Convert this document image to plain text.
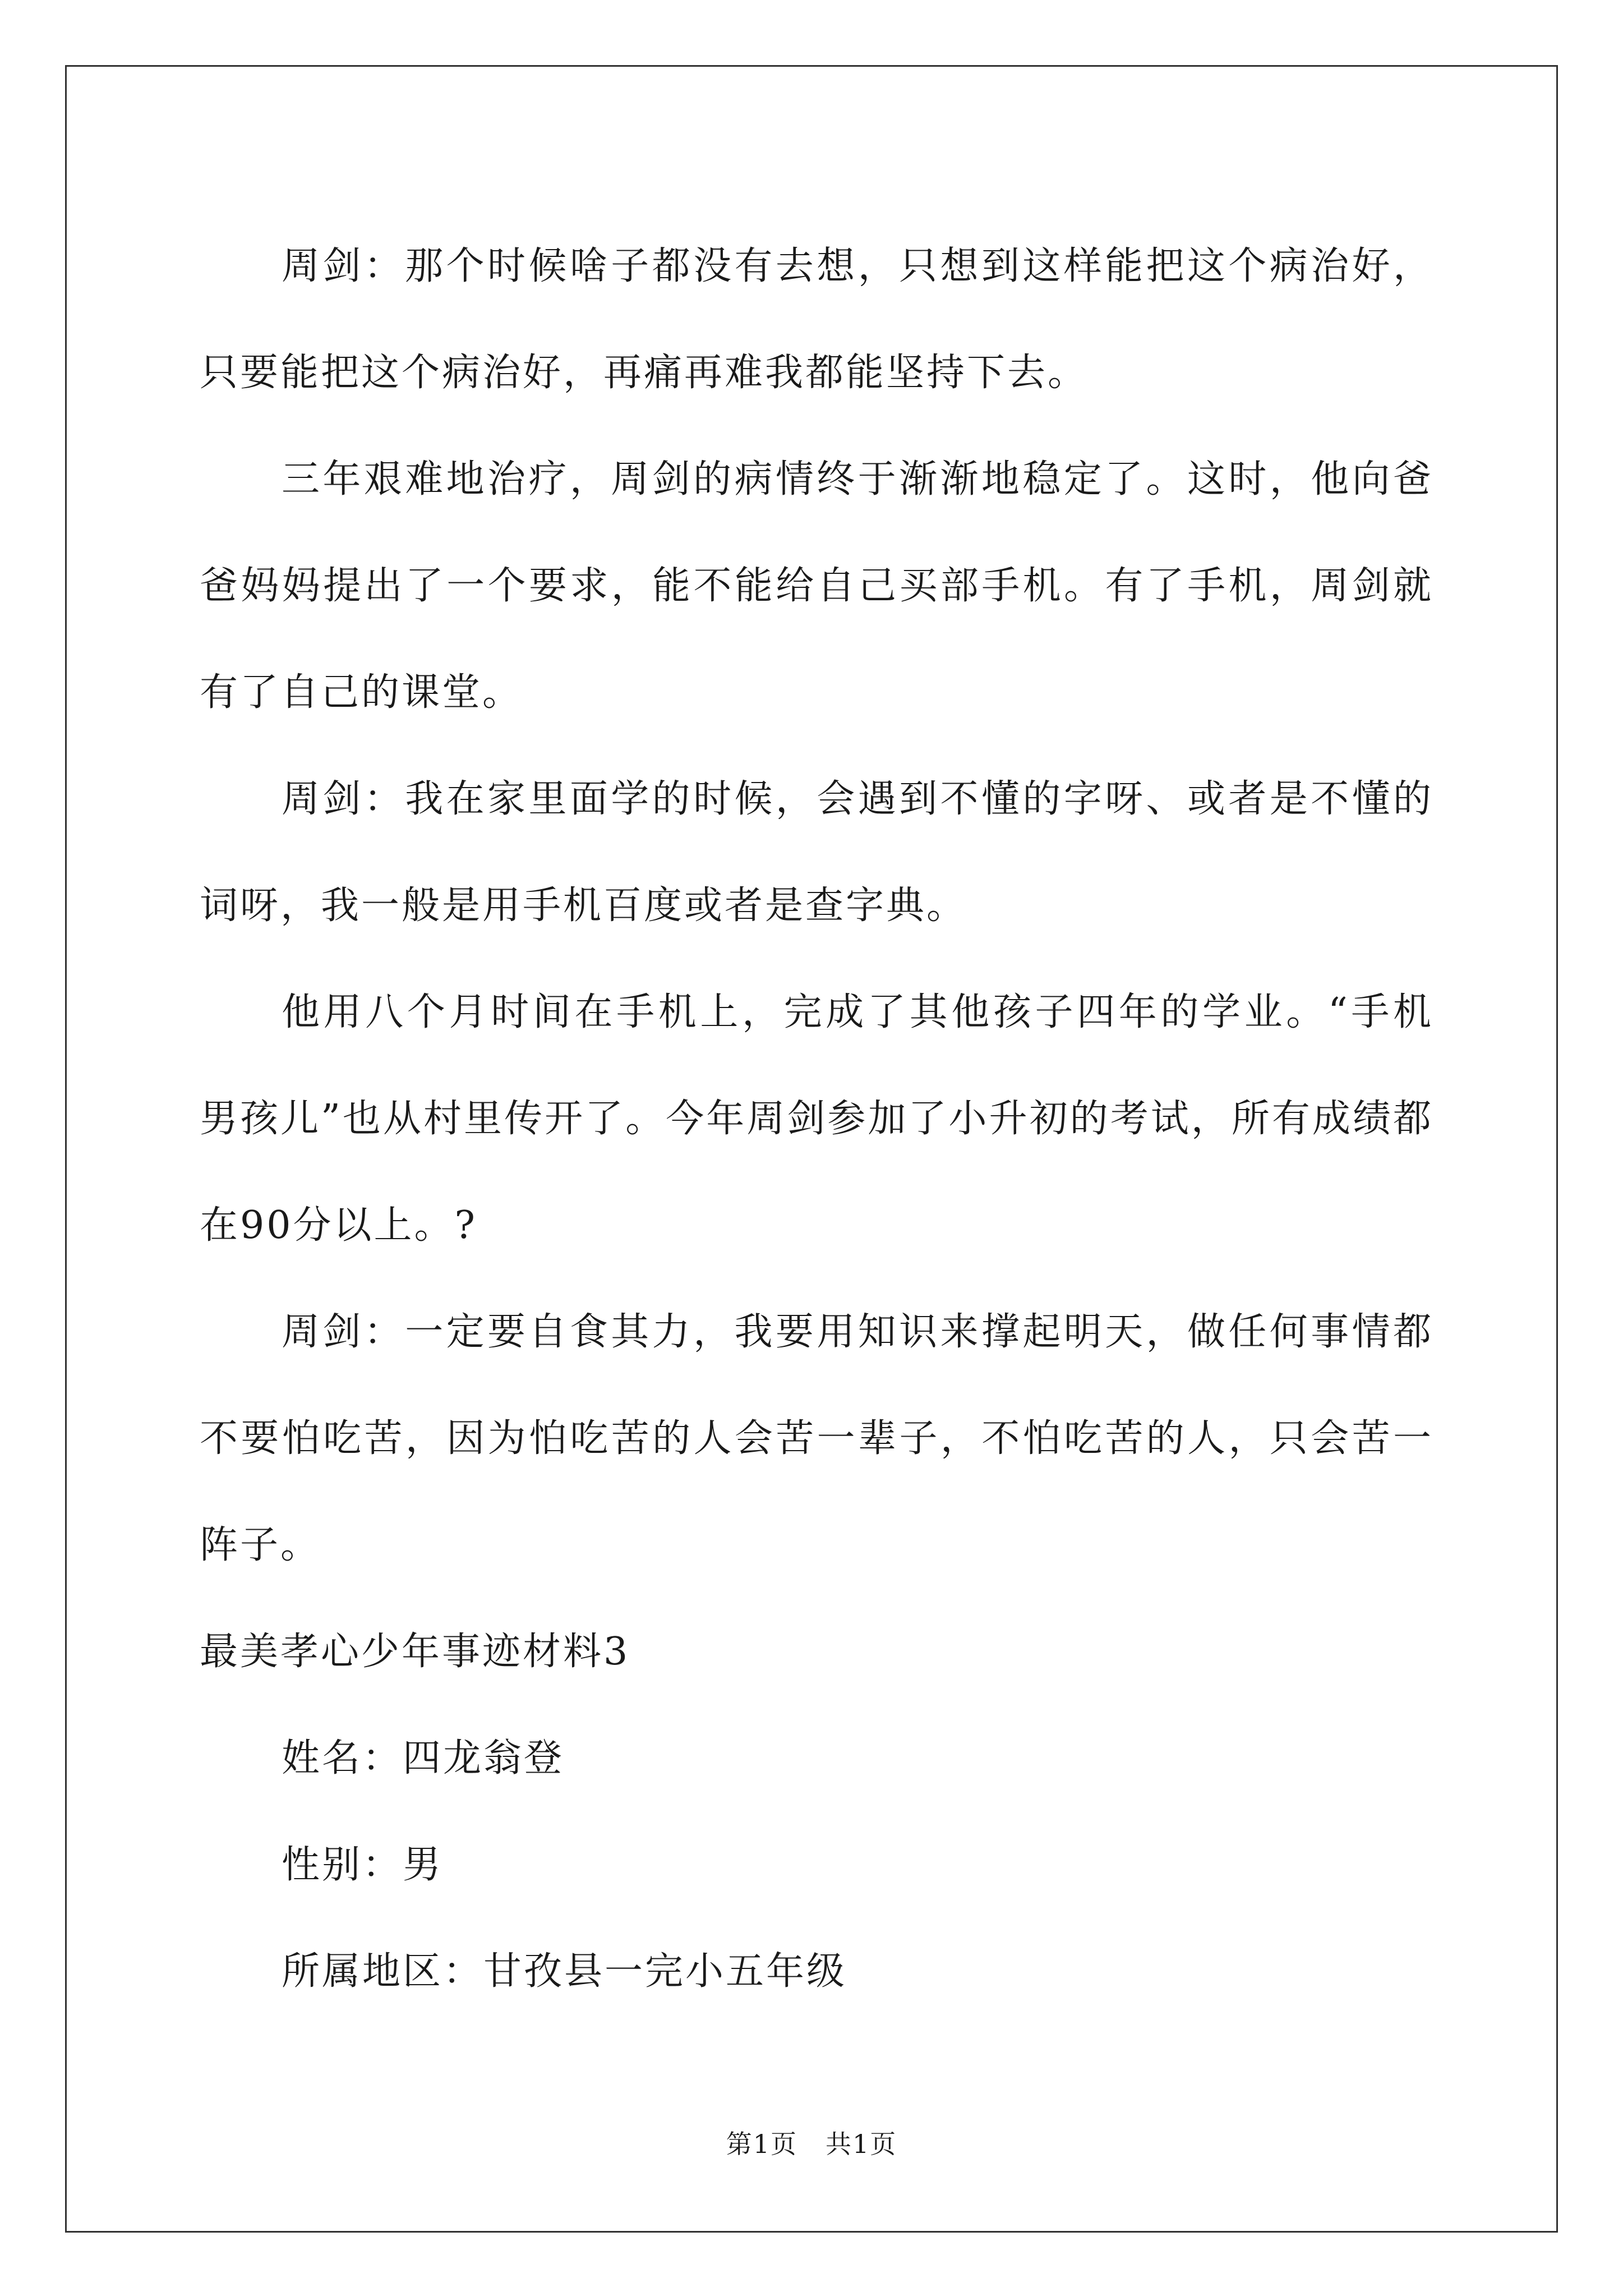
周剑：那个时候啥子都没有去想，只想到这样能把这个病治好，只要能把这个病治好，再痛再难我都能坚持下去。

三年艰难地治疗，周剑的病情终于渐渐地稳定了。这时，他向爸爸妈妈提出了一个要求，能不能给自己买部手机。有了手机，周剑就有了自己的课堂。

周剑：我在家里面学的时候，会遇到不懂的字呀、或者是不懂的词呀，我一般是用手机百度或者是查字典。

他用八个月时间在手机上，完成了其他孩子四年的学业。“手机男孩儿”也从村里传开了。今年周剑参加了小升初的考试，所有成绩都在90分以上。?

周剑：一定要自食其力，我要用知识来撑起明天，做任何事情都不要怕吃苦，因为怕吃苦的人会苦一辈子，不怕吃苦的人，只会苦一阵子。

最美孝心少年事迹材料3

姓名：四龙翁登

性别：男

所属地区：甘孜县一完小五年级

第1页 共1页
